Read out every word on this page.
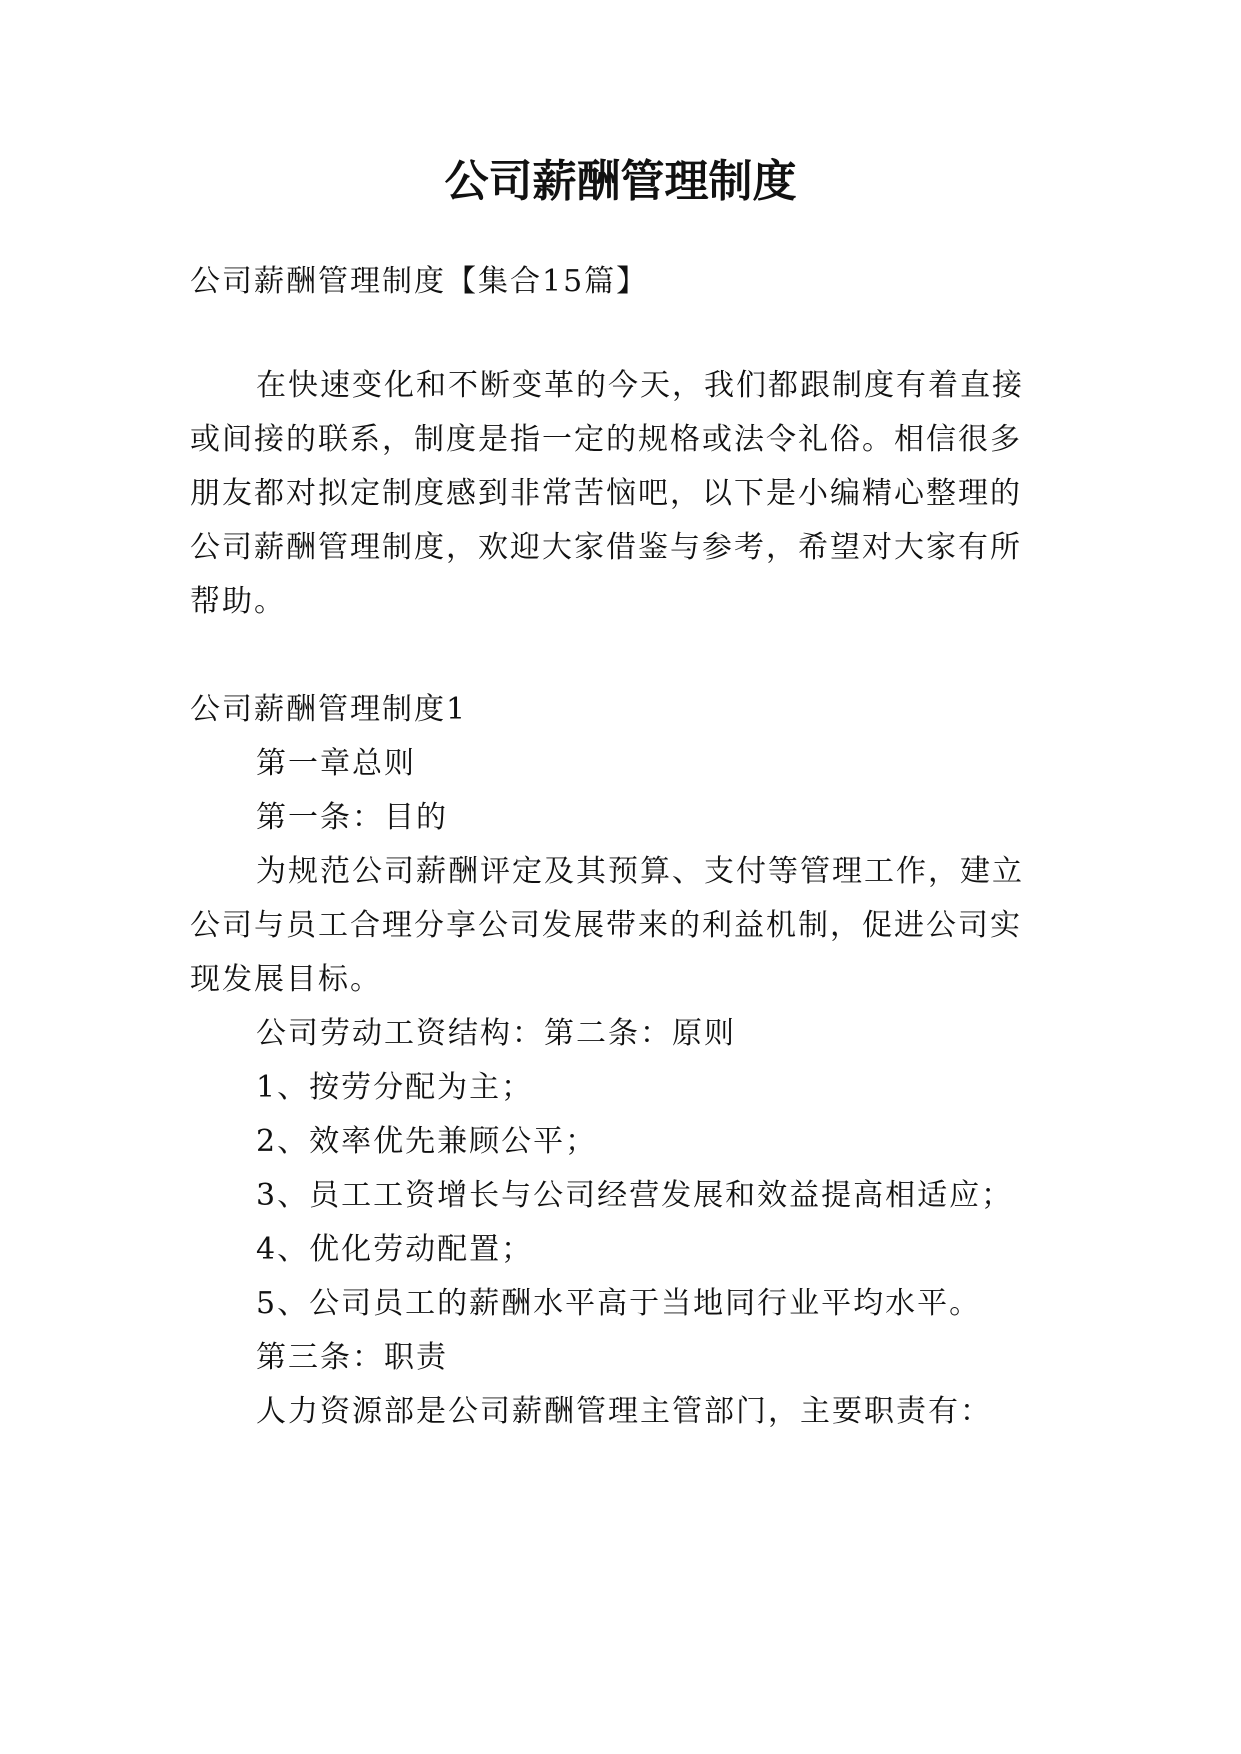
公司薪酬管理制度
公司薪酬管理制度【集合15篇】
在快速变化和不断变革的今天，我们都跟制度有着直接
或间接的联系，制度是指一定的规格或法令礼俗。相信很多
朋友都对拟定制度感到非常苦恼吧，以下是小编精心整理的
公司薪酬管理制度，欢迎大家借鉴与参考，希望对大家有所
帮助。
公司薪酬管理制度1
第一章总则
第一条：目的
为规范公司薪酬评定及其预算、支付等管理工作，建立
公司与员工合理分享公司发展带来的利益机制，促进公司实
现发展目标。
公司劳动工资结构：第二条：原则
1、按劳分配为主；
2、效率优先兼顾公平；
3、员工工资增长与公司经营发展和效益提高相适应；
4、优化劳动配置；
5、公司员工的薪酬水平高于当地同行业平均水平。
第三条：职责
人力资源部是公司薪酬管理主管部门，主要职责有：
